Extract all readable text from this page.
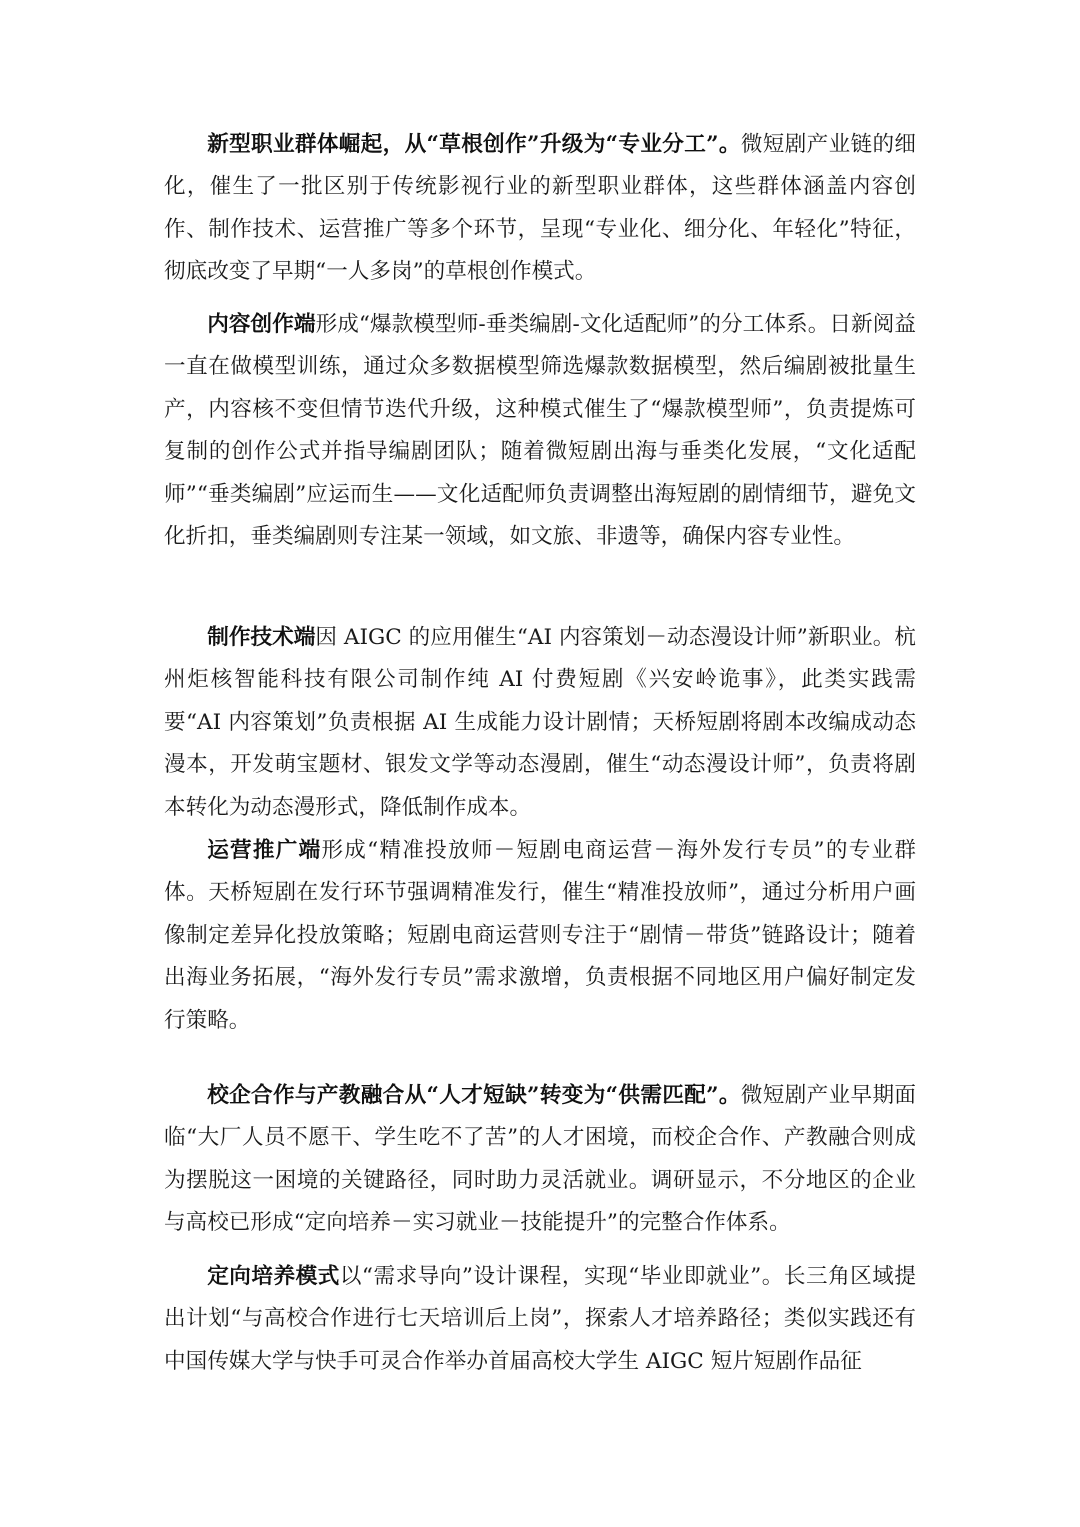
新型职业群体崛起，从“草根创作”升级为“专业分工”。微短剧产业链的细化，催生了一批区别于传统影视行业的新型职业群体，这些群体涵盖内容创作、制作技术、运营推广等多个环节，呈现“专业化、细分化、年轻化”特征，彻底改变了早期“一人多岗”的草根创作模式。

内容创作端形成“爆款模型师-垂类编剧-文化适配师”的分工体系。日新阅益一直在做模型训练，通过众多数据模型筛选爆款数据模型，然后编剧被批量生产，内容核不变但情节迭代升级，这种模式催生了“爆款模型师”，负责提炼可复制的创作公式并指导编剧团队；随着微短剧出海与垂类化发展，“文化适配师”“垂类编剧”应运而生——文化适配师负责调整出海短剧的剧情细节，避免文化折扣，垂类编剧则专注某一领域，如文旅、非遗等，确保内容专业性。

制作技术端因 AIGC 的应用催生“AI 内容策划－动态漫设计师”新职业。杭州炬核智能科技有限公司制作纯 AI 付费短剧《兴安岭诡事》，此类实践需要“AI 内容策划”负责根据 AI 生成能力设计剧情；天桥短剧将剧本改编成动态漫本，开发萌宝题材、银发文学等动态漫剧，催生“动态漫设计师”，负责将剧本转化为动态漫形式，降低制作成本。

运营推广端形成“精准投放师－短剧电商运营－海外发行专员”的专业群体。天桥短剧在发行环节强调精准发行，催生“精准投放师”，通过分析用户画像制定差异化投放策略；短剧电商运营则专注于“剧情－带货”链路设计；随着出海业务拓展，“海外发行专员”需求激增，负责根据不同地区用户偏好制定发行策略。

校企合作与产教融合从“人才短缺”转变为“供需匹配”。微短剧产业早期面临“大厂人员不愿干、学生吃不了苦”的人才困境，而校企合作、产教融合则成为摆脱这一困境的关键路径，同时助力灵活就业。调研显示，不分地区的企业与高校已形成“定向培养－实习就业－技能提升”的完整合作体系。

定向培养模式以“需求导向”设计课程，实现“毕业即就业”。长三角区域提出计划“与高校合作进行七天培训后上岗”，探索人才培养路径；类似实践还有中国传媒大学与快手可灵合作举办首届高校大学生 AIGC 短片短剧作品征
